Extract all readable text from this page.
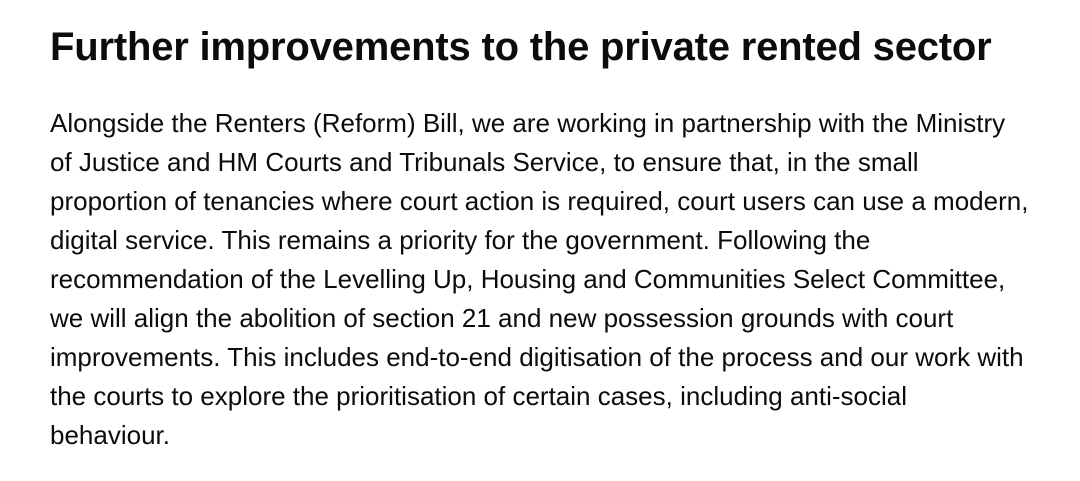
Further improvements to the private rented sector

Alongside the Renters (Reform) Bill, we are working in partnership with the Ministry of Justice and HM Courts and Tribunals Service, to ensure that, in the small proportion of tenancies where court action is required, court users can use a modern, digital service. This remains a priority for the government. Following the recommendation of the Levelling Up, Housing and Communities Select Committee, we will align the abolition of section 21 and new possession grounds with court improvements. This includes end-to-end digitisation of the process and our work with the courts to explore the prioritisation of certain cases, including anti-social behaviour.
